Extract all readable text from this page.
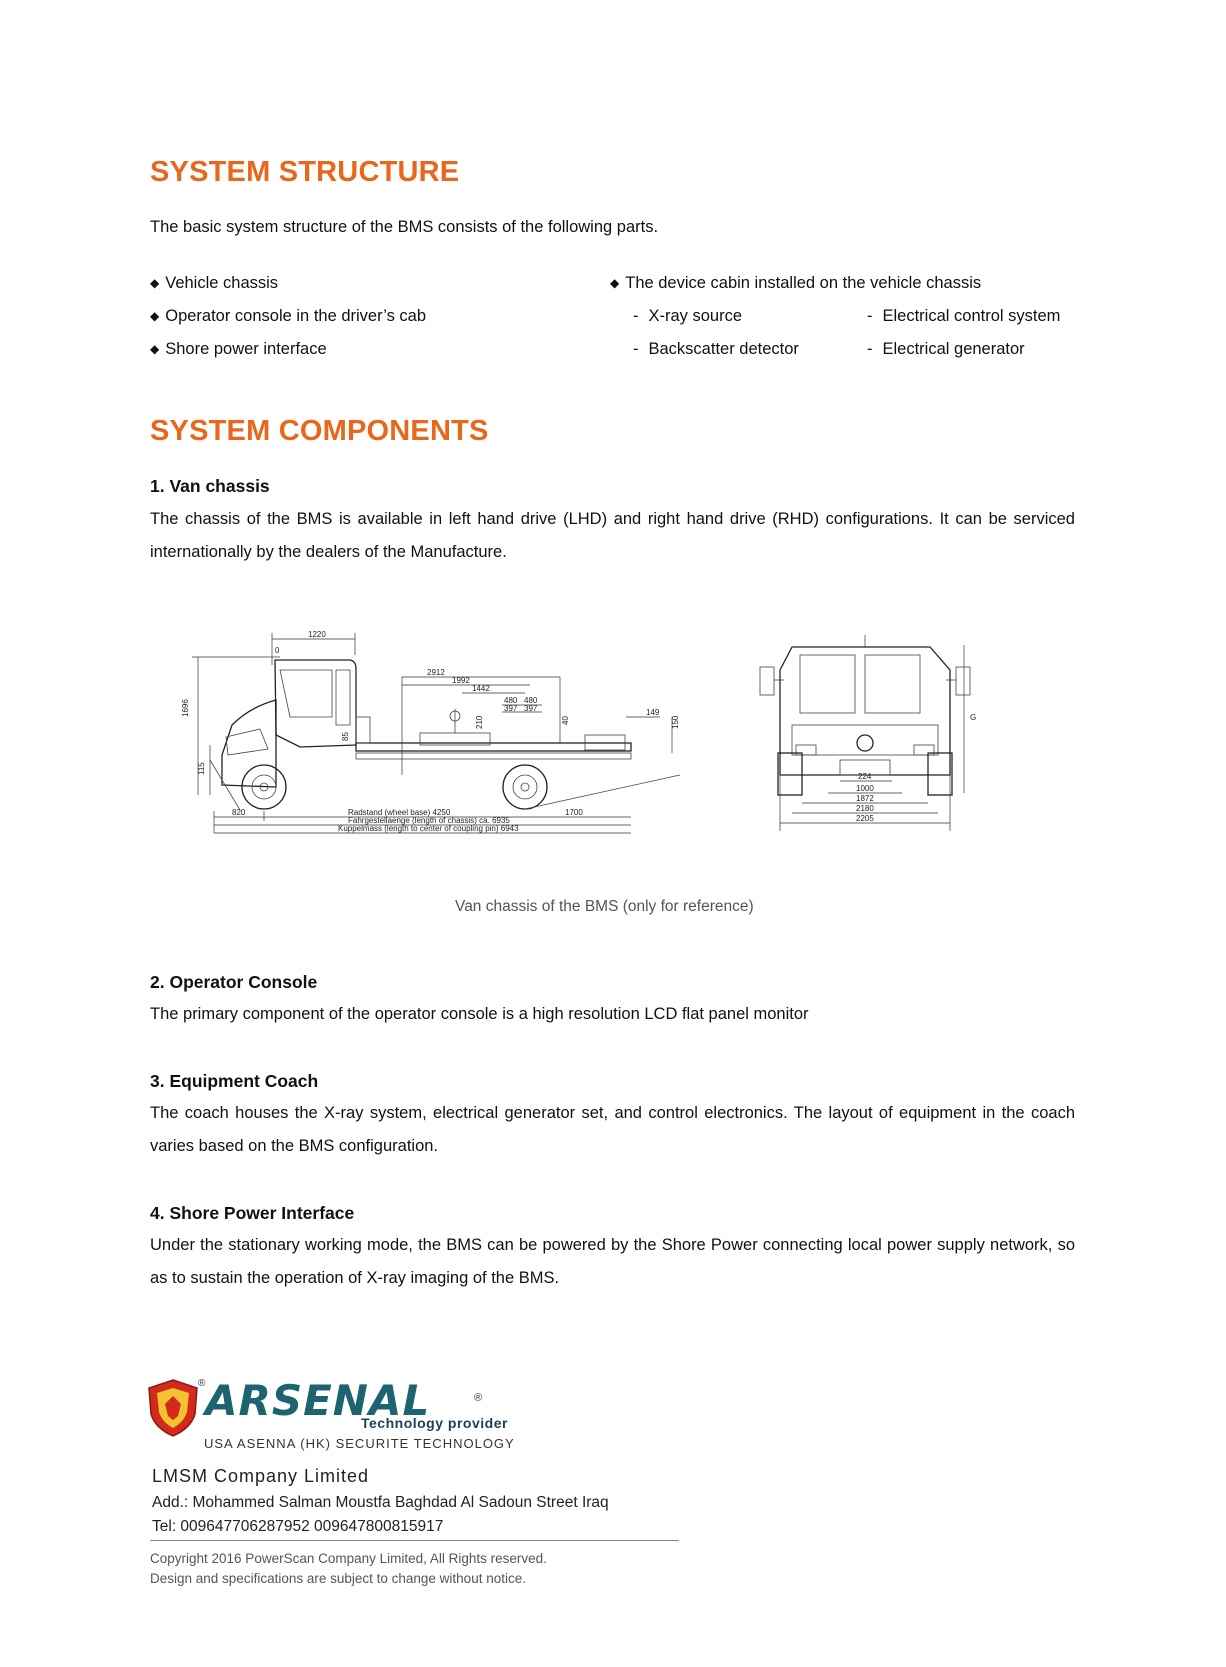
SYSTEM STRUCTURE
The basic system structure of the BMS consists of the following parts.
◆ Vehicle chassis
◆ Operator console in the driver’s cab
◆ Shore power interface
◆ The device cabin installed on the vehicle chassis
- X-ray source
- Backscatter detector
- Electrical control system
- Electrical generator
SYSTEM COMPONENTS
1. Van chassis
The chassis of the BMS is available in left hand drive (LHD) and right hand drive (RHD) configurations. It can be serviced internationally by the dealers of the Manufacture.
1220
0
1696
115
2912
1992
1442
480 480
397 397
210
85
40
149
150
820	1700
Radstand (wheel base) 4250
Fahrgestellaenge (length of chassis) ca. 6935
Kuppelmass (length to center of coupling pin) 6943
224
1000
1872
2180
2205
G
Van chassis of the BMS (only for reference)
2. Operator Console
The primary component of the operator console is a high resolution LCD flat panel monitor
3. Equipment Coach
The coach houses the X-ray system, electrical generator set, and control electronics. The layout of equipment in the coach varies based on the BMS configuration.
4. Shore Power Interface
Under the stationary working mode, the BMS can be powered by the Shore Power connecting local power supply network, so as to sustain the operation of X-ray imaging of the BMS.
® ARSENAL	®
Technology provider
USA ASENNA (HK) SECURITE TECHNOLOGY
LMSM Company Limited
Add.: Mohammed Salman Moustfa Baghdad Al Sadoun Street Iraq
Tel: 009647706287952 009647800815917
Copyright 2016 PowerScan Company Limited, All Rights reserved.
Design and specifications are subject to change without notice.
